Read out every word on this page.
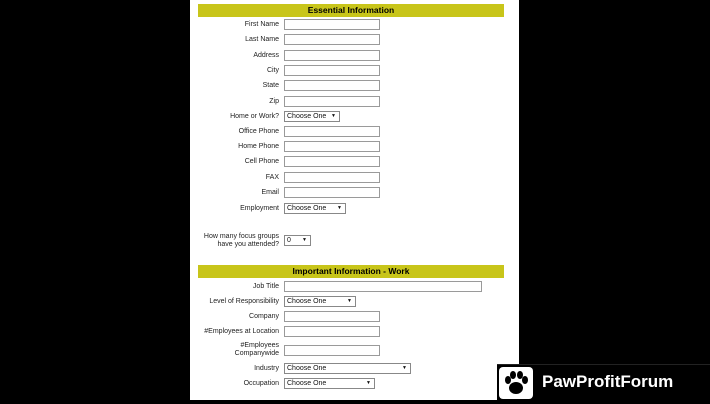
Essential Information
First Name
Last Name
Address
City
State
Zip
Home or Work?	Choose One ▼
Office Phone
Home Phone
Cell Phone
FAX
Email
Employment	Choose One ▼
How many focus groups
have you attended?
0 ▼
Important Information - Work
Job Title
Level of Responsibility	Choose One	▼
Company
#Employees at Location
#Employees
Companywide
Industry	Choose One	▼
Occupation	Choose One	▼	PawProfitForum
